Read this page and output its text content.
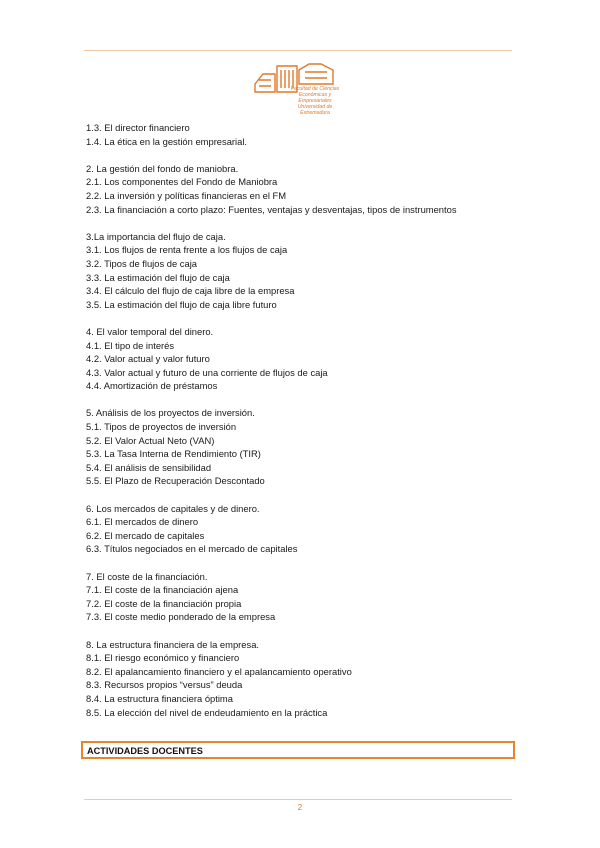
Facultad de Ciencias
Económicas y Empresariales
Universidad de Extremadura
1.3. El director financiero
1.4. La ética en la gestión empresarial.
2. La gestión del fondo de maniobra.
2.1. Los componentes del Fondo de Maniobra
2.2. La inversión y políticas financieras en el FM
2.3. La financiación a corto plazo: Fuentes, ventajas y desventajas, tipos de instrumentos
3.La importancia del flujo de caja.
3.1. Los flujos de renta frente a los flujos de caja
3.2. Tipos de flujos de caja
3.3. La estimación del flujo de caja
3.4. El cálculo del flujo de caja libre de la empresa
3.5. La estimación del flujo de caja libre futuro
4. El valor temporal del dinero.
4.1. El tipo de interés
4.2. Valor actual y valor futuro
4.3. Valor actual y futuro de una corriente de flujos de caja
4.4. Amortización de préstamos
5. Análisis de los proyectos de inversión.
5.1. Tipos de proyectos de inversión
5.2. El Valor Actual Neto (VAN)
5.3. La Tasa Interna de Rendimiento (TIR)
5.4. El análisis de sensibilidad
5.5. El Plazo de Recuperación Descontado
6. Los mercados de capitales y de dinero.
6.1. El mercados de dinero
6.2. El mercado de capitales
6.3. Títulos negociados en el mercado de capitales
7. El coste de la financiación.
7.1. El coste de la financiación ajena
7.2. El coste de la financiación propia
7.3. El coste medio ponderado de la empresa
8. La estructura financiera de la empresa.
8.1. El riesgo económico y financiero
8.2. El apalancamiento financiero y el apalancamiento operativo
8.3. Recursos propios “versus” deuda
8.4. La estructura financiera óptima
8.5. La elección del nivel de endeudamiento en la práctica
ACTIVIDADES DOCENTES
2
